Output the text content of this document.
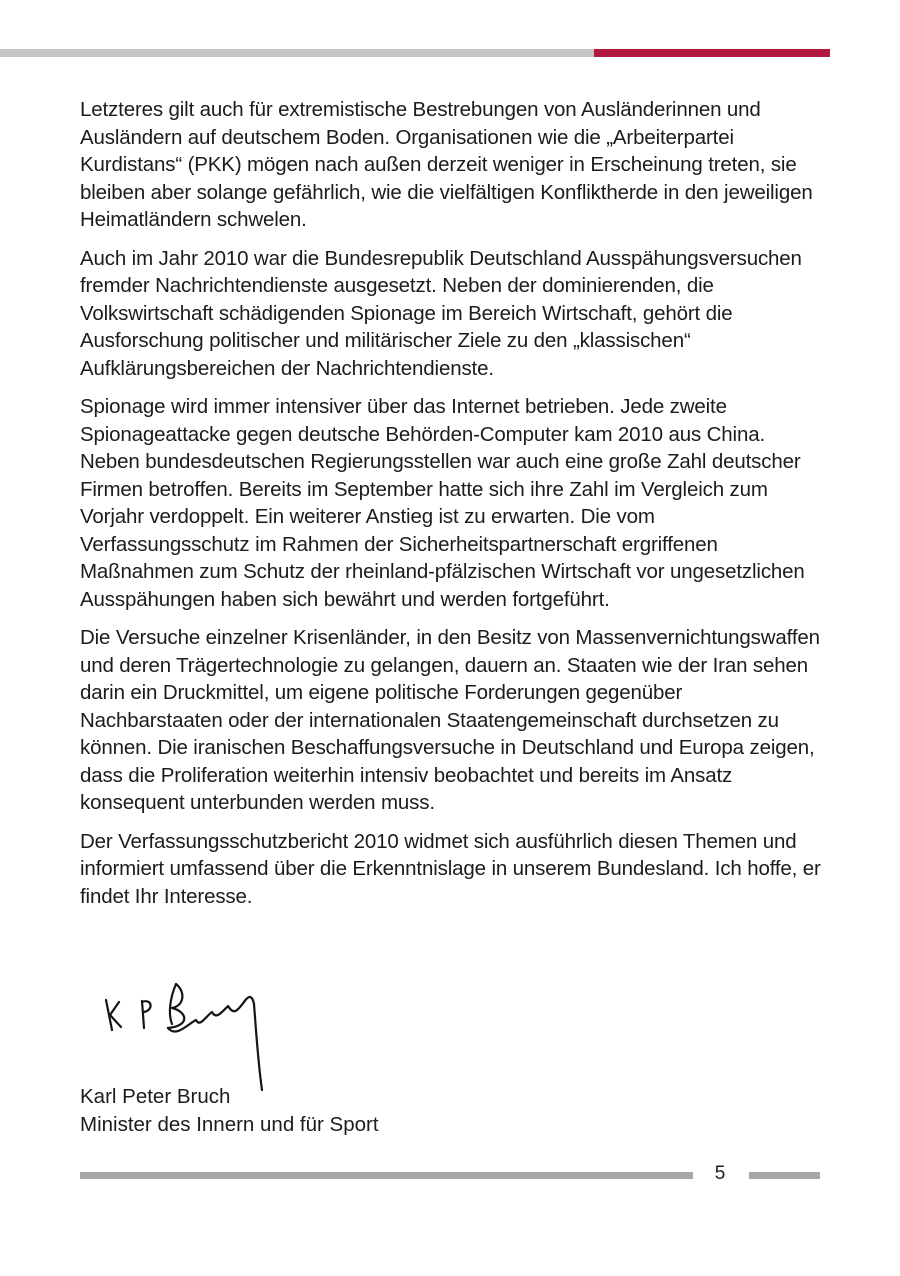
Letzteres gilt auch für extremistische Bestrebungen von Ausländerinnen und Ausländern auf deutschem Boden. Organisationen wie die „Arbeiterpartei Kurdistans“ (PKK) mögen nach außen derzeit weniger in Erscheinung treten, sie bleiben aber solange gefährlich, wie die vielfältigen Konfliktherde in den jeweiligen Heimatländern schwelen.

Auch im Jahr 2010 war die Bundesrepublik Deutschland Ausspähungsversuchen fremder Nachrichtendienste ausgesetzt. Neben der dominierenden, die Volkswirtschaft schädigenden Spionage im Bereich Wirtschaft, gehört die Ausforschung politischer und militärischer Ziele zu den „klassischen“ Aufklärungsbereichen der Nachrichtendienste.

Spionage wird immer intensiver über das Internet betrieben. Jede zweite Spionageattacke gegen deutsche Behörden-Computer kam 2010 aus China. Neben bundesdeutschen Regierungsstellen war auch eine große Zahl deutscher Firmen betroffen. Bereits im September hatte sich ihre Zahl im Vergleich zum Vorjahr verdoppelt. Ein weiterer Anstieg ist zu erwarten. Die vom Verfassungsschutz im Rahmen der Sicherheitspartnerschaft ergriffenen Maßnahmen zum Schutz der rheinland-pfälzischen Wirtschaft vor ungesetzlichen Ausspähungen haben sich bewährt und werden fortgeführt.

Die Versuche einzelner Krisenländer, in den Besitz von Massenvernichtungswaffen und deren Trägertechnologie zu gelangen, dauern an. Staaten wie der Iran sehen darin ein Druckmittel, um eigene politische Forderungen gegenüber Nachbarstaaten oder der internationalen Staatengemeinschaft durchsetzen zu können. Die iranischen Beschaffungsversuche in Deutschland und Europa zeigen, dass die Proliferation weiterhin intensiv beobachtet und bereits im Ansatz konsequent unterbunden werden muss.

Der Verfassungsschutzbericht 2010 widmet sich ausführlich diesen Themen und informiert umfassend über die Erkenntnislage in unserem Bundesland. Ich hoffe, er findet Ihr Interesse.

Karl Peter Bruch
Minister des Innern und für Sport
5
